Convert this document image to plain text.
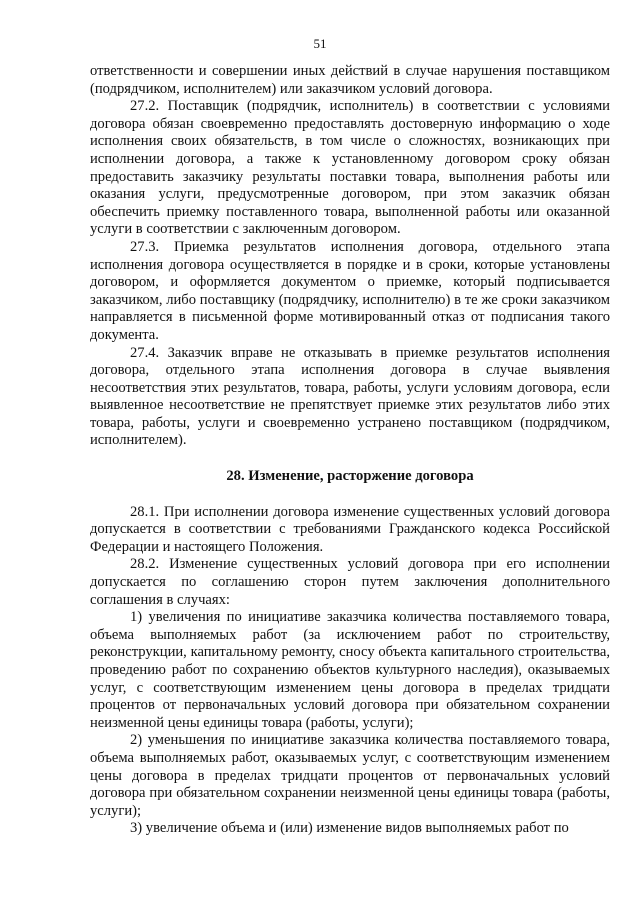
51

ответственности и совершении иных действий в случае нарушения поставщиком (подрядчиком, исполнителем) или заказчиком условий договора.

27.2. Поставщик (подрядчик, исполнитель) в соответствии с условиями договора обязан своевременно предоставлять достоверную информацию о ходе исполнения своих обязательств, в том числе о сложностях, возникающих при исполнении договора, а также к установленному договором сроку обязан предоставить заказчику результаты поставки товара, выполнения работы или оказания услуги, предусмотренные договором, при этом заказчик обязан обеспечить приемку поставленного товара, выполненной работы или оказанной услуги в соответствии с заключенным договором.

27.3. Приемка результатов исполнения договора, отдельного этапа исполнения договора осуществляется в порядке и в сроки, которые установлены договором, и оформляется документом о приемке, который подписывается заказчиком, либо поставщику (подрядчику, исполнителю) в те же сроки заказчиком направляется в письменной форме мотивированный отказ от подписания такого документа.

27.4. Заказчик вправе не отказывать в приемке результатов исполнения договора, отдельного этапа исполнения договора в случае выявления несоответствия этих результатов, товара, работы, услуги условиям договора, если выявленное несоответствие не препятствует приемке этих результатов либо этих товара, работы, услуги и своевременно устранено поставщиком (подрядчиком, исполнителем).

28. Изменение, расторжение договора

28.1. При исполнении договора изменение существенных условий договора допускается в соответствии с требованиями Гражданского кодекса Российской Федерации и настоящего Положения.

28.2. Изменение существенных условий договора при его исполнении допускается по соглашению сторон путем заключения дополнительного соглашения в случаях:

1) увеличения по инициативе заказчика количества поставляемого товара, объема выполняемых работ (за исключением работ по строительству, реконструкции, капитальному ремонту, сносу объекта капитального строительства, проведению работ по сохранению объектов культурного наследия), оказываемых услуг, с соответствующим изменением цены договора в пределах тридцати процентов от первоначальных условий договора при обязательном сохранении неизменной цены единицы товара (работы, услуги);

2) уменьшения по инициативе заказчика количества поставляемого товара, объема выполняемых работ, оказываемых услуг, с соответствующим изменением цены договора в пределах тридцати процентов от первоначальных условий договора при обязательном сохранении неизменной цены единицы товара (работы, услуги);

3) увеличение объема и (или) изменение видов выполняемых работ по
